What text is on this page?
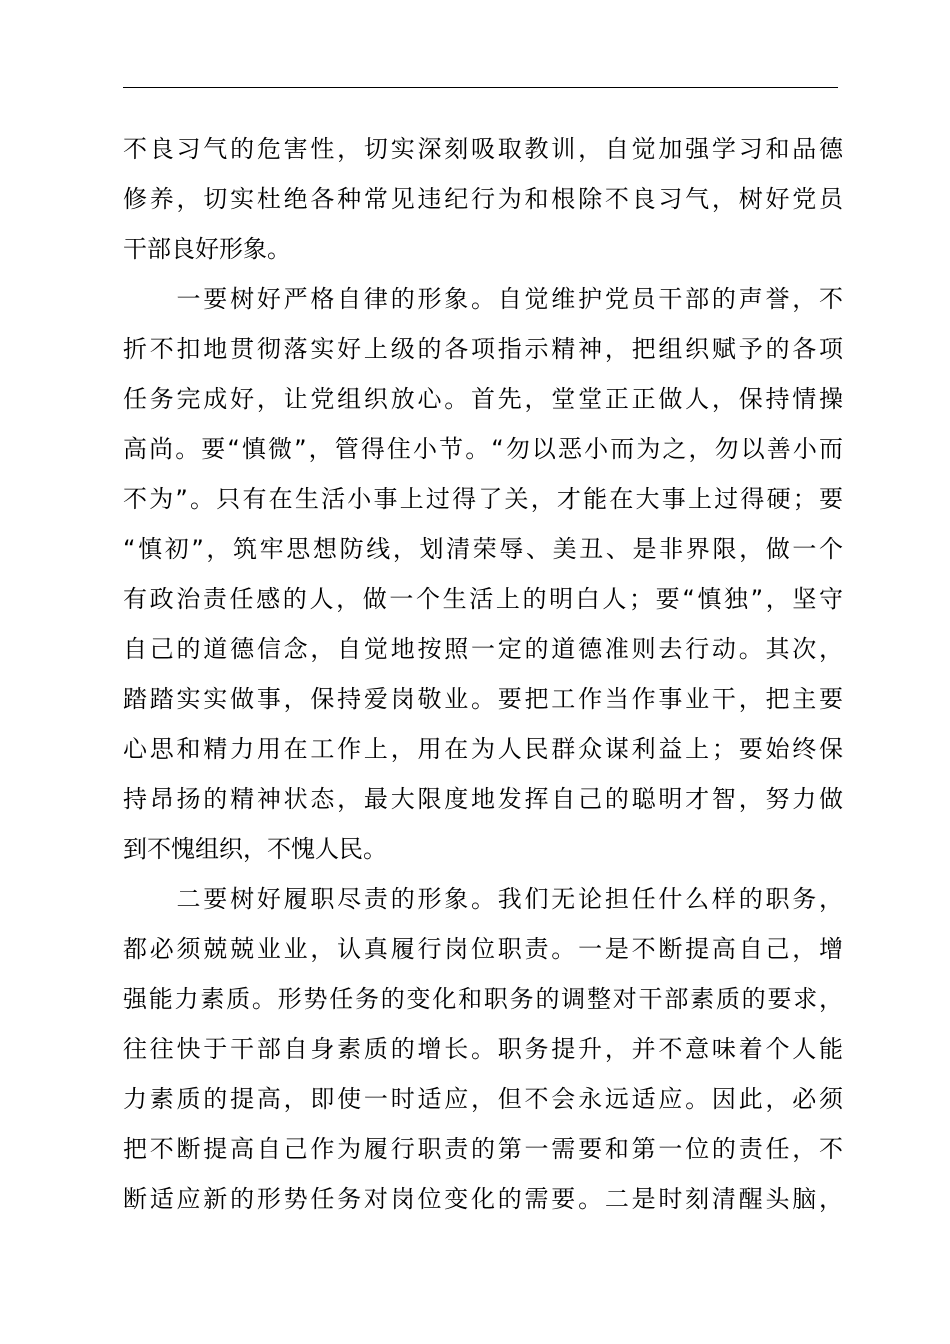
不良习气的危害性，切实深刻吸取教训，自觉加强学习和品德
修养，切实杜绝各种常见违纪行为和根除不良习气，树好党员
干部良好形象。
　　一要树好严格自律的形象。自觉维护党员干部的声誉，不
折不扣地贯彻落实好上级的各项指示精神，把组织赋予的各项
任务完成好，让党组织放心。首先，堂堂正正做人，保持情操
高尚。要“慎微”，管得住小节。“勿以恶小而为之，勿以善小而
不为”。只有在生活小事上过得了关，才能在大事上过得硬；要
“慎初”，筑牢思想防线，划清荣辱、美丑、是非界限，做一个
有政治责任感的人，做一个生活上的明白人；要“慎独”，坚守
自己的道德信念，自觉地按照一定的道德准则去行动。其次，
踏踏实实做事，保持爱岗敬业。要把工作当作事业干，把主要
心思和精力用在工作上，用在为人民群众谋利益上；要始终保
持昂扬的精神状态，最大限度地发挥自己的聪明才智，努力做
到不愧组织，不愧人民。
　　二要树好履职尽责的形象。我们无论担任什么样的职务，
都必须兢兢业业，认真履行岗位职责。一是不断提高自己，增
强能力素质。形势任务的变化和职务的调整对干部素质的要求，
往往快于干部自身素质的增长。职务提升，并不意味着个人能
力素质的提高，即使一时适应，但不会永远适应。因此，必须
把不断提高自己作为履行职责的第一需要和第一位的责任，不
断适应新的形势任务对岗位变化的需要。二是时刻清醒头脑，
